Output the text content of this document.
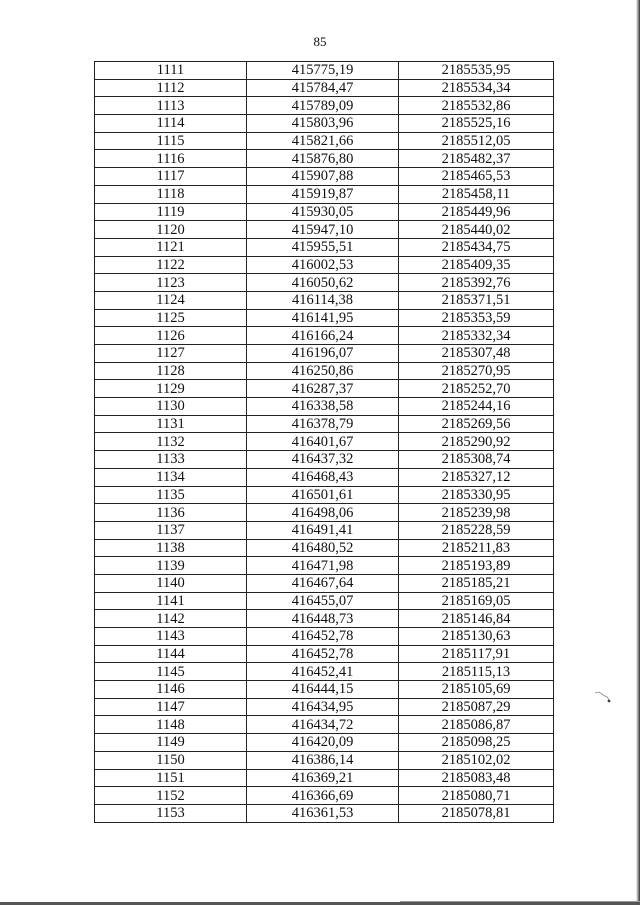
85
1111	415775,19	2185535,95
1112	415784,47	2185534,34
1113	415789,09	2185532,86
1114	415803,96	2185525,16
1115	415821,66	2185512,05
1116	415876,80	2185482,37
1117	415907,88	2185465,53
1118	415919,87	2185458,11
1119	415930,05	2185449,96
1120	415947,10	2185440,02
1121	415955,51	2185434,75
1122	416002,53	2185409,35
1123	416050,62	2185392,76
1124	416114,38	2185371,51
1125	416141,95	2185353,59
1126	416166,24	2185332,34
1127	416196,07	2185307,48
1128	416250,86	2185270,95
1129	416287,37	2185252,70
1130	416338,58	2185244,16
1131	416378,79	2185269,56
1132	416401,67	2185290,92
1133	416437,32	2185308,74
1134	416468,43	2185327,12
1135	416501,61	2185330,95
1136	416498,06	2185239,98
1137	416491,41	2185228,59
1138	416480,52	2185211,83
1139	416471,98	2185193,89
1140	416467,64	2185185,21
1141	416455,07	2185169,05
1142	416448,73	2185146,84
1143	416452,78	2185130,63
1144	416452,78	2185117,91
1145	416452,41	2185115,13
1146	416444,15	2185105,69
1147	416434,95	2185087,29
1148	416434,72	2185086,87
1149	416420,09	2185098,25
1150	416386,14	2185102,02
1151	416369,21	2185083,48
1152	416366,69	2185080,71
1153	416361,53	2185078,81
